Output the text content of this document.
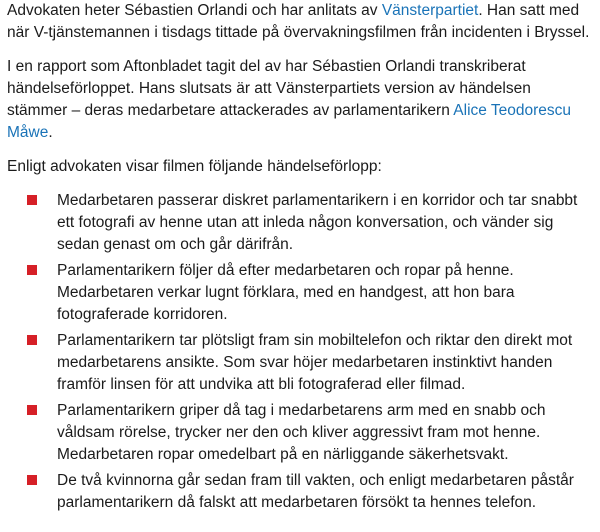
Advokaten heter Sébastien Orlandi och har anlitats av Vänsterpartiet. Han satt med när V-tjänstemannen i tisdags tittade på övervakningsfilmen från incidenten i Bryssel.

I en rapport som Aftonbladet tagit del av har Sébastien Orlandi transkriberat händelseförloppet. Hans slutsats är att Vänsterpartiets version av händelsen stämmer – deras medarbetare attackerades av parlamentarikern Alice Teodorescu Måwe.

Enligt advokaten visar filmen följande händelseförlopp:

Medarbetaren passerar diskret parlamentarikern i en korridor och tar snabbt ett fotografi av henne utan att inleda någon konversation, och vänder sig sedan genast om och går därifrån.
Parlamentarikern följer då efter medarbetaren och ropar på henne. Medarbetaren verkar lugnt förklara, med en handgest, att hon bara fotograferade korridoren.
Parlamentarikern tar plötsligt fram sin mobiltelefon och riktar den direkt mot medarbetarens ansikte. Som svar höjer medarbetaren instinktivt handen framför linsen för att undvika att bli fotograferad eller filmad.
Parlamentarikern griper då tag i medarbetarens arm med en snabb och våldsam rörelse, trycker ner den och kliver aggressivt fram mot henne. Medarbetaren ropar omedelbart på en närliggande säkerhetsvakt.
De två kvinnorna går sedan fram till vakten, och enligt medarbetaren påstår parlamentarikern då falskt att medarbetaren försökt ta hennes telefon.
